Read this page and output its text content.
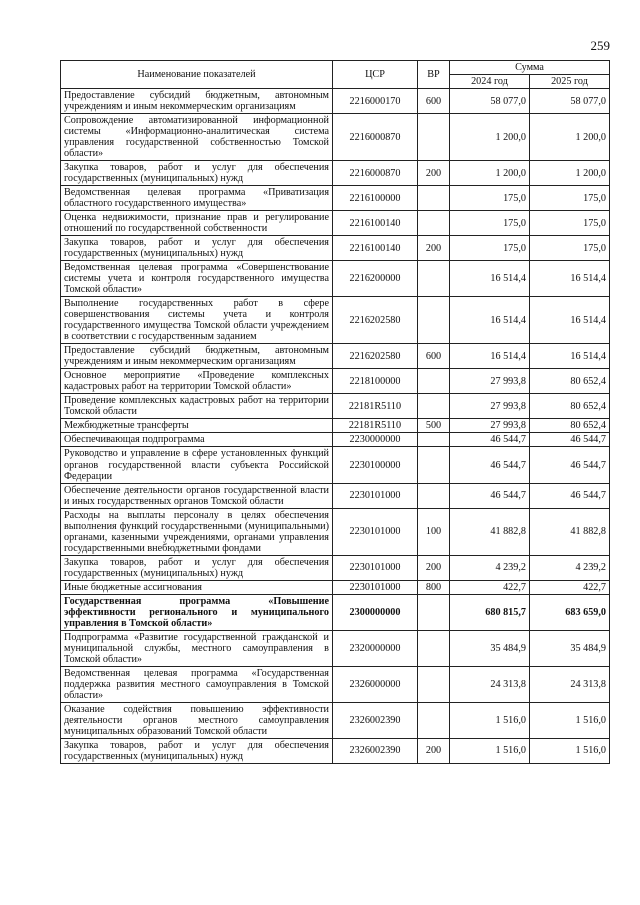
259
Наименование показателей	ЦСР	ВР	Сумма	
			2024 год	2025 год
Предоставление субсидий бюджетным, автономным учреждениям и иным некоммерческим организациям	2216000170	600	58 077,0	58 077,0
Сопровождение автоматизированной информационной системы «Информационно-аналитическая система управления государственной собственностью Томской области»	2216000870		1 200,0	1 200,0
Закупка товаров, работ и услуг для обеспечения государственных (муниципальных) нужд	2216000870	200	1 200,0	1 200,0
Ведомственная целевая программа «Приватизация областного государственного имущества»	2216100000		175,0	175,0
Оценка недвижимости, признание прав и регулирование отношений по государственной собственности	2216100140		175,0	175,0
Закупка товаров, работ и услуг для обеспечения государственных (муниципальных) нужд	2216100140	200	175,0	175,0
Ведомственная целевая программа «Совершенствование системы учета и контроля государственного имущества Томской области»	2216200000		16 514,4	16 514,4
Выполнение государственных работ в сфере совершенствования системы учета и контроля государственного имущества Томской области учреждением в соответствии с государственным заданием	2216202580		16 514,4	16 514,4
Предоставление субсидий бюджетным, автономным учреждениям и иным некоммерческим организациям	2216202580	600	16 514,4	16 514,4
Основное мероприятие «Проведение комплексных кадастровых работ на территории Томской области»	2218100000		27 993,8	80 652,4
Проведение комплексных кадастровых работ на территории Томской области	22181R5110		27 993,8	80 652,4
Межбюджетные трансферты	22181R5110	500	27 993,8	80 652,4
Обеспечивающая подпрограмма	2230000000		46 544,7	46 544,7
Руководство и управление в сфере установленных функций органов государственной власти субъекта Российской Федерации	2230100000		46 544,7	46 544,7
Обеспечение деятельности органов государственной власти и иных государственных органов Томской области	2230101000		46 544,7	46 544,7
Расходы на выплаты персоналу в целях обеспечения выполнения функций государственными (муниципальными) органами, казенными учреждениями, органами управления государственными внебюджетными фондами	2230101000	100	41 882,8	41 882,8
Закупка товаров, работ и услуг для обеспечения государственных (муниципальных) нужд	2230101000	200	4 239,2	4 239,2
Иные бюджетные ассигнования	2230101000	800	422,7	422,7
Государственная программа «Повышение эффективности регионального и муниципального управления в Томской области»	2300000000		680 815,7	683 659,0
Подпрограмма «Развитие государственной гражданской и муниципальной службы, местного самоуправления в Томской области»	2320000000		35 484,9	35 484,9
Ведомственная целевая программа «Государственная поддержка развития местного самоуправления в Томской области»	2326000000		24 313,8	24 313,8
Оказание содействия повышению эффективности деятельности органов местного самоуправления муниципальных образований Томской области	2326002390		1 516,0	1 516,0
Закупка товаров, работ и услуг для обеспечения государственных (муниципальных) нужд	2326002390	200	1 516,0	1 516,0
